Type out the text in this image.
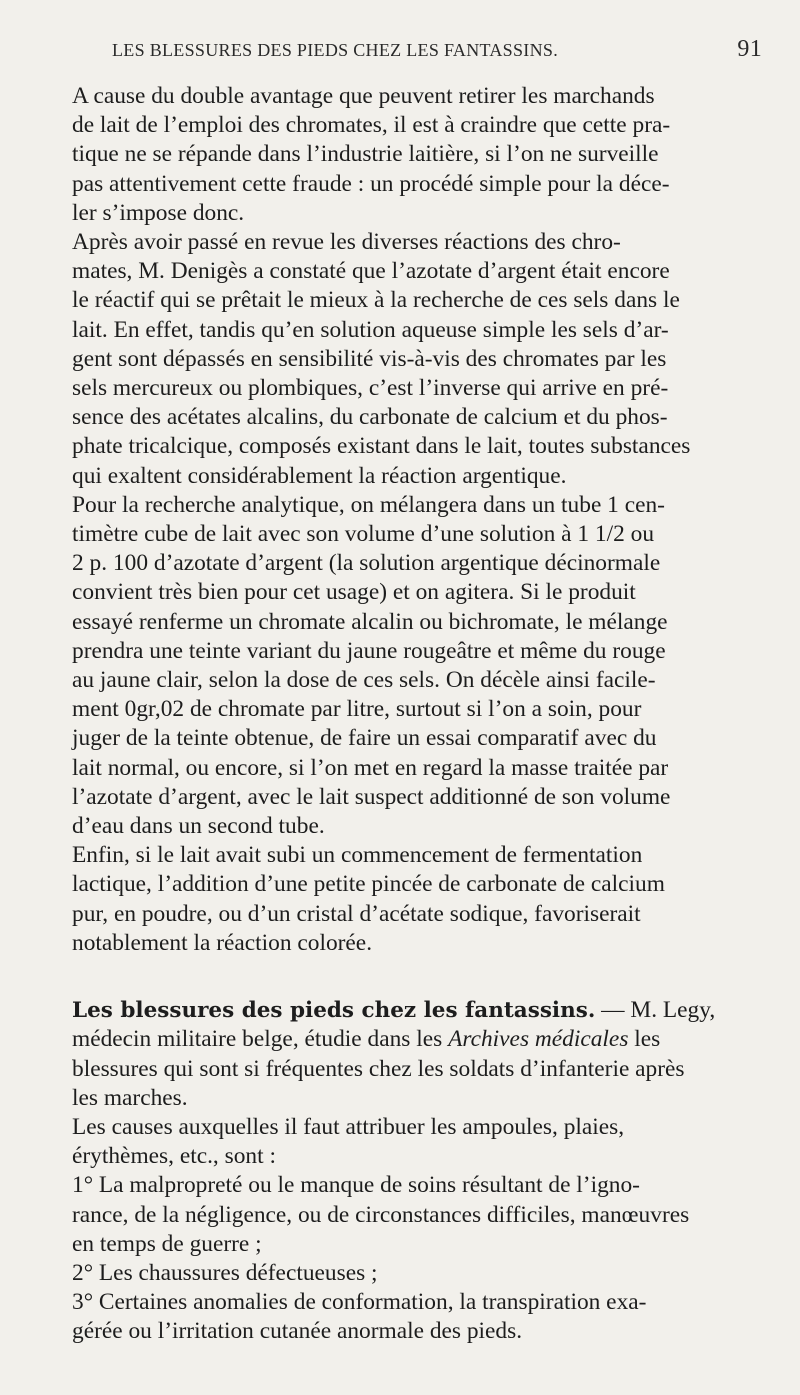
LES BLESSURES DES PIEDS CHEZ LES FANTASSINS.	91

A cause du double avantage que peuvent retirer les marchands
de lait de l’emploi des chromates, il est à craindre que cette pra-
tique ne se répande dans l’industrie laitière, si l’on ne surveille
pas attentivement cette fraude : un procédé simple pour la déce-
ler s’impose donc.

Après avoir passé en revue les diverses réactions des chro-
mates, M. Denigès a constaté que l’azotate d’argent était encore
le réactif qui se prêtait le mieux à la recherche de ces sels dans le
lait. En effet, tandis qu’en solution aqueuse simple les sels d’ar-
gent sont dépassés en sensibilité vis-à-vis des chromates par les
sels mercureux ou plombiques, c’est l’inverse qui arrive en pré-
sence des acétates alcalins, du carbonate de calcium et du phos-
phate tricalcique, composés existant dans le lait, toutes substances
qui exaltent considérablement la réaction argentique.

Pour la recherche analytique, on mélangera dans un tube 1 cen-
timètre cube de lait avec son volume d’une solution à 1 1/2 ou
2 p. 100 d’azotate d’argent (la solution argentique décinormale
convient très bien pour cet usage) et on agitera. Si le produit
essayé renferme un chromate alcalin ou bichromate, le mélange
prendra une teinte variant du jaune rougeâtre et même du rouge
au jaune clair, selon la dose de ces sels. On décèle ainsi facile-
ment 0gr,02 de chromate par litre, surtout si l’on a soin, pour
juger de la teinte obtenue, de faire un essai comparatif avec du
lait normal, ou encore, si l’on met en regard la masse traitée par
l’azotate d’argent, avec le lait suspect additionné de son volume
d’eau dans un second tube.

Enfin, si le lait avait subi un commencement de fermentation
lactique, l’addition d’une petite pincée de carbonate de calcium
pur, en poudre, ou d’un cristal d’acétate sodique, favoriserait
notablement la réaction colorée.

Les blessures des pieds chez les fantassins. — M. Legy,
médecin militaire belge, étudie dans les Archives médicales les
blessures qui sont si fréquentes chez les soldats d’infanterie après
les marches.

Les causes auxquelles il faut attribuer les ampoules, plaies,
érythèmes, etc., sont :

1° La malpropreté ou le manque de soins résultant de l’igno-
rance, de la négligence, ou de circonstances difficiles, manœuvres
en temps de guerre ;

2° Les chaussures défectueuses ;

3° Certaines anomalies de conformation, la transpiration exa-
gérée ou l’irritation cutanée anormale des pieds.
